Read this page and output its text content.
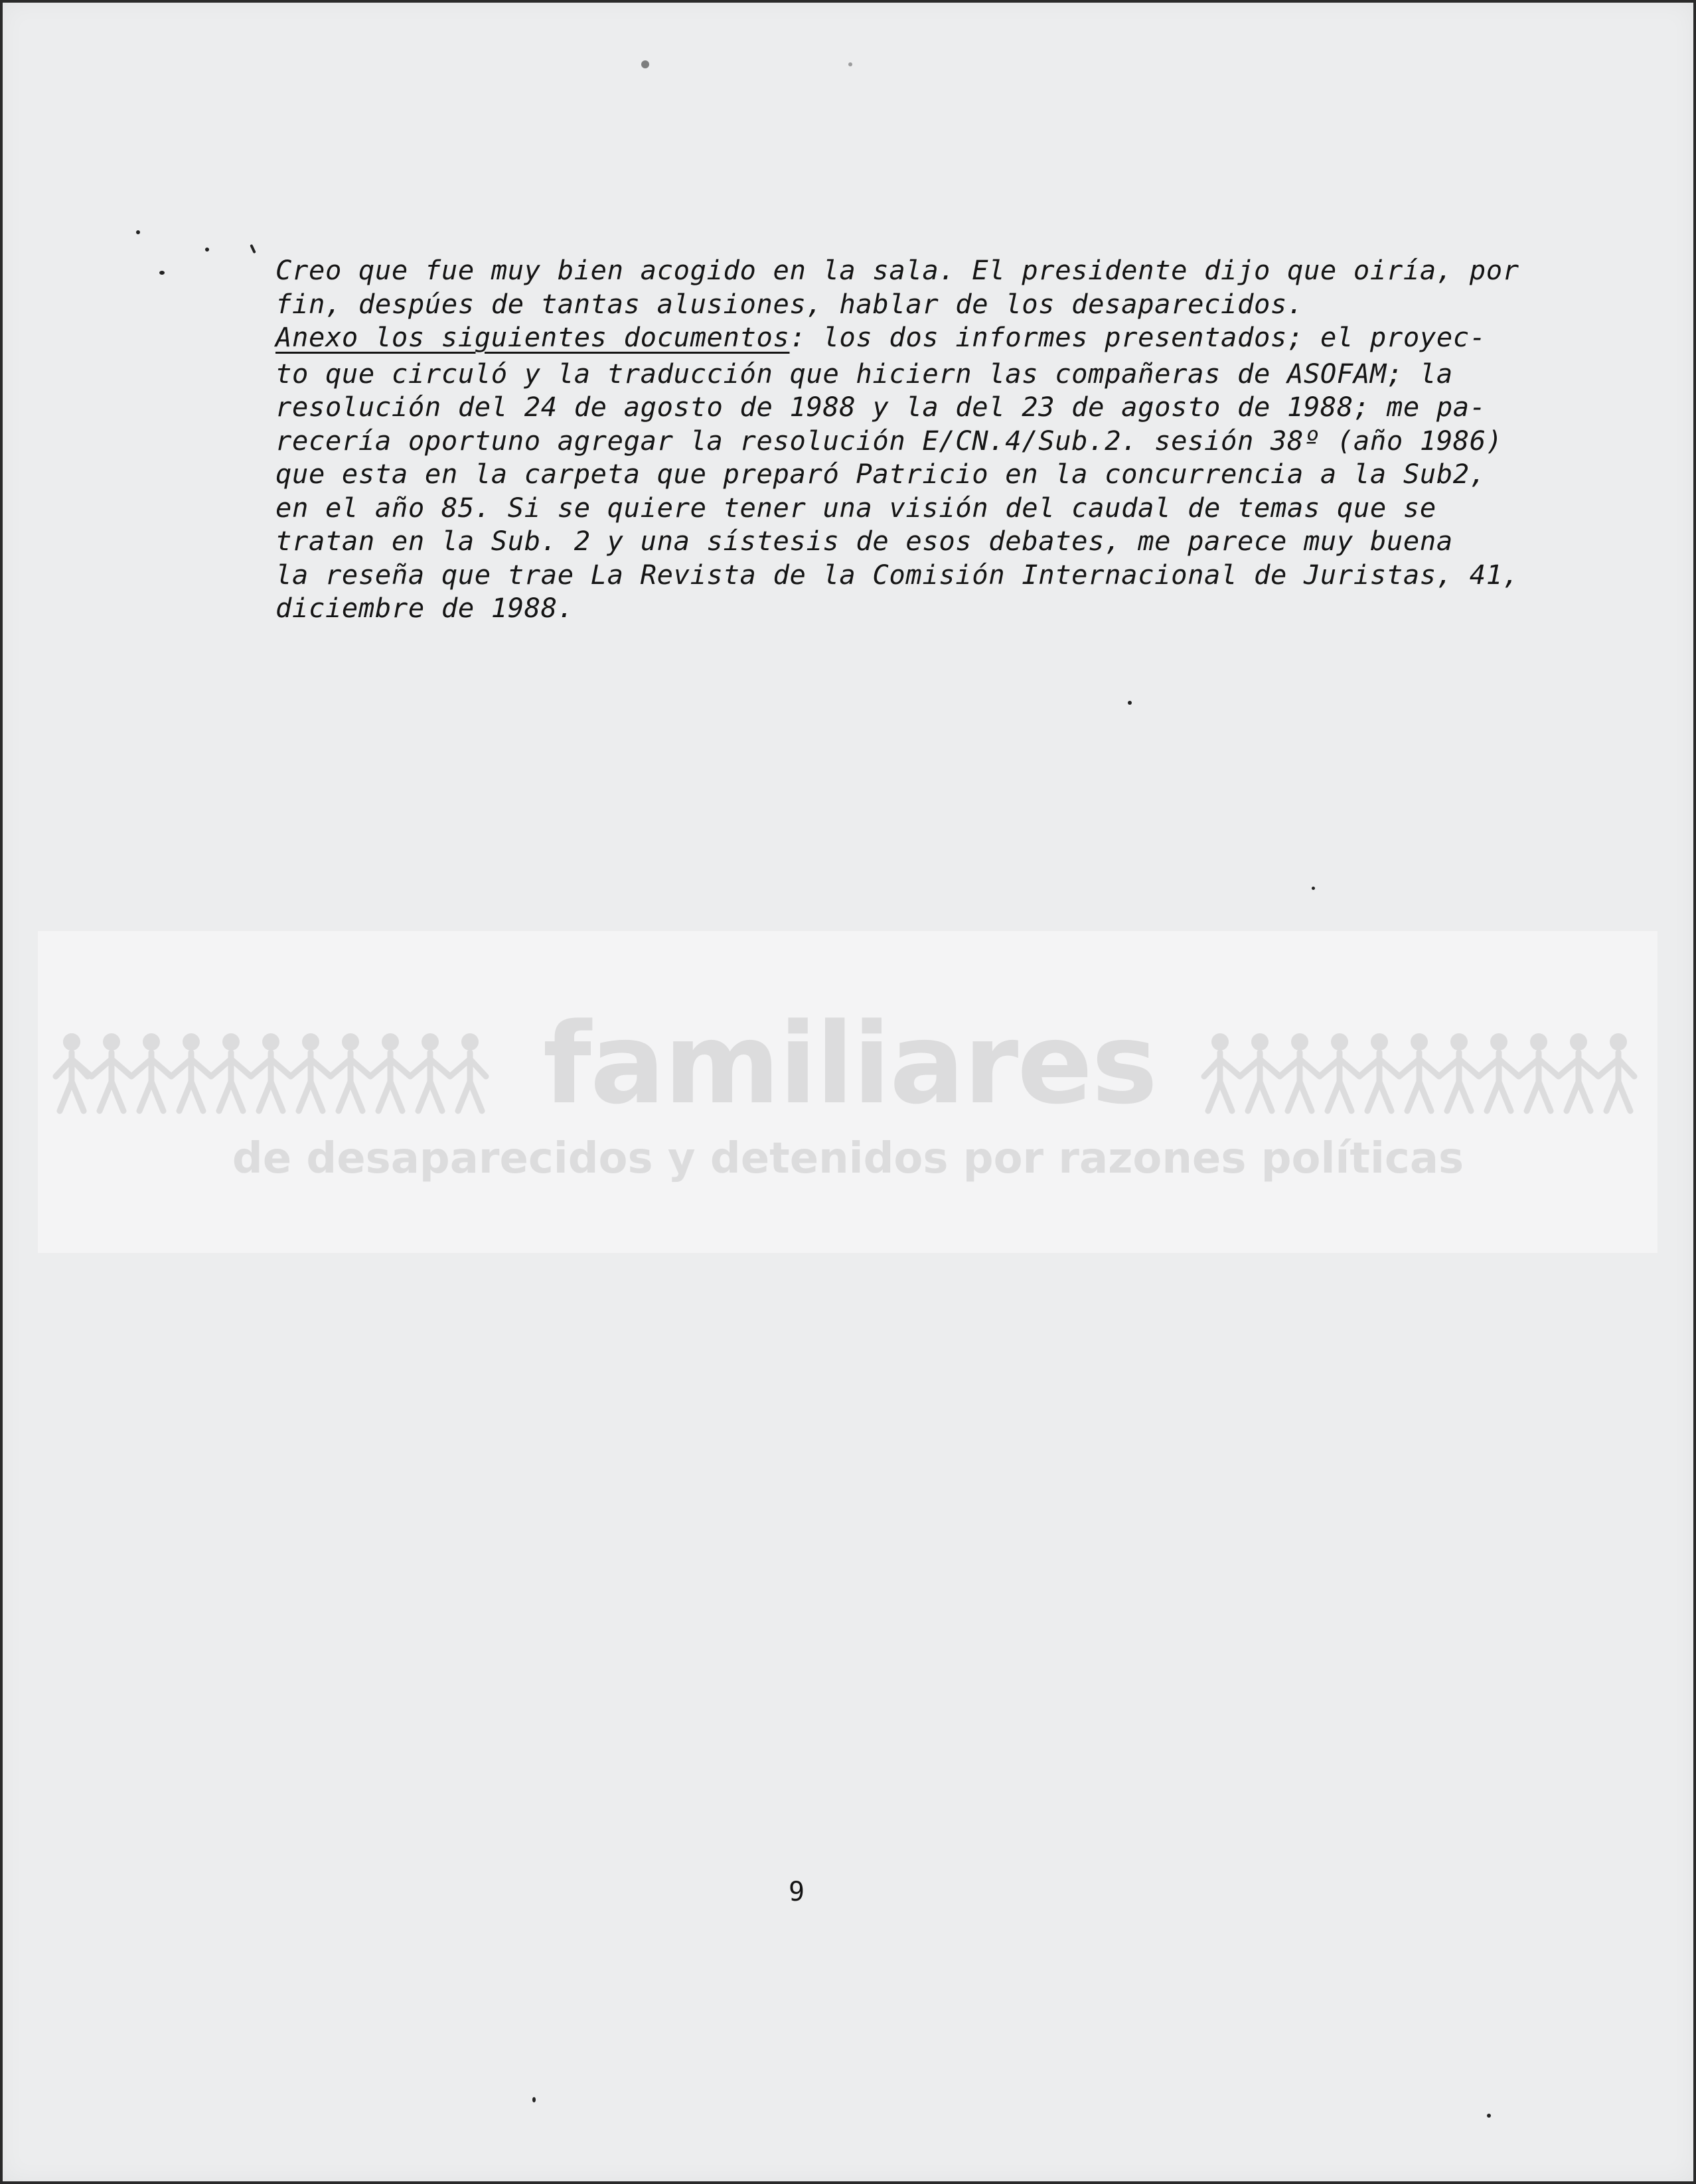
familiares
de desaparecidos y detenidos por razones políticas
Creo que fue muy bien acogido en la sala. El presidente dijo que oiría, por
fin, despúes de tantas alusiones, hablar de los desaparecidos.
Anexo los siguientes documentos: los dos informes presentados; el proyec-
to que circuló y la traducción que hiciern las compañeras de ASOFAM; la
resolución del 24 de agosto de 1988 y la del 23 de agosto de 1988; me pa-
recería oportuno agregar la resolución E/CN.4/Sub.2. sesión 38º (año 1986)
que esta en la carpeta que preparó Patricio en la concurrencia a la Sub2,
en el año 85. Si se quiere tener una visión del caudal de temas que se
tratan en la Sub. 2 y una sístesis de esos debates, me parece muy buena
la reseña que trae La Revista de la Comisión Internacional de Juristas, 41,
diciembre de 1988.
9
